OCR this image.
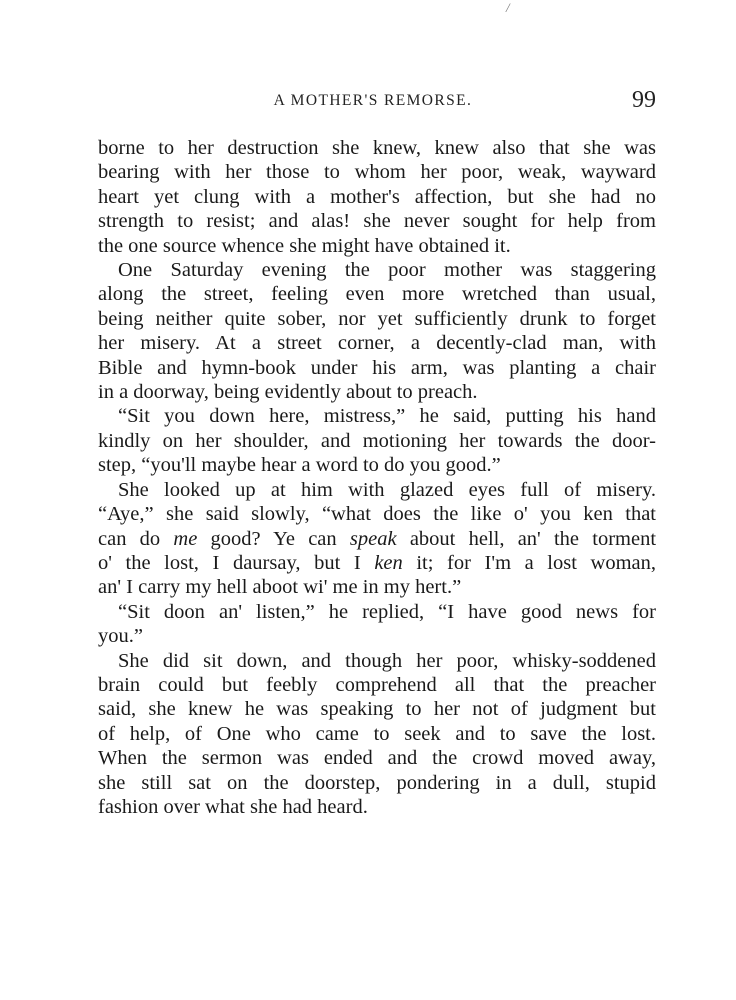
/
A MOTHER'S REMORSE.	99

borne to her destruction she knew, knew also that she was
bearing with her those to whom her poor, weak, wayward
heart yet clung with a mother's affection, but she had no
strength to resist; and alas! she never sought for help from
the one source whence she might have obtained it.

One Saturday evening the poor mother was staggering
along the street, feeling even more wretched than usual,
being neither quite sober, nor yet sufficiently drunk to forget
her misery. At a street corner, a decently-clad man, with
Bible and hymn-book under his arm, was planting a chair
in a doorway, being evidently about to preach.

“Sit you down here, mistress,” he said, putting his hand
kindly on her shoulder, and motioning her towards the door-
step, “you'll maybe hear a word to do you good.”

She looked up at him with glazed eyes full of misery.
“Aye,” she said slowly, “what does the like o' you ken that
can do me good? Ye can speak about hell, an' the torment
o' the lost, I daursay, but I ken it; for I'm a lost woman,
an' I carry my hell aboot wi' me in my hert.”

“Sit doon an' listen,” he replied, “I have good news for
you.”

She did sit down, and though her poor, whisky-soddened
brain could but feebly comprehend all that the preacher
said, she knew he was speaking to her not of judgment but
of help, of One who came to seek and to save the lost.
When the sermon was ended and the crowd moved away,
she still sat on the doorstep, pondering in a dull, stupid
fashion over what she had heard.
